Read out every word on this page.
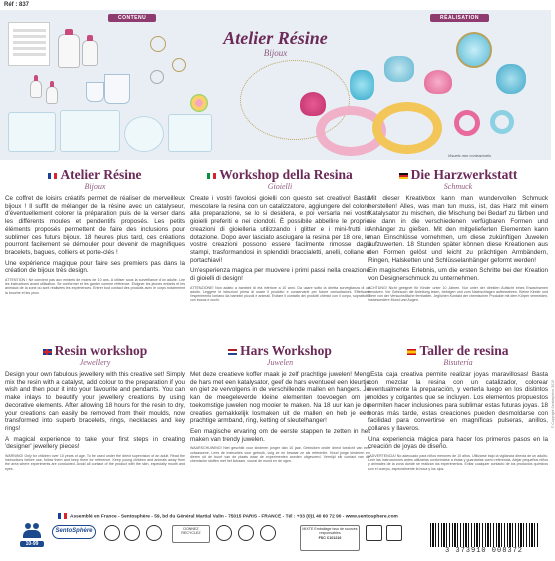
Réf : 837
CONTENU	RÉALISATION
Atelier Résine
Bijoux
Visuels non contractuels
Atelier Résine
Bijoux

Ce coffret de loisirs créatifs permet de réaliser de merveilleux bijoux ! Il suffit de mélanger de la résine avec un catalyseur, d'éventuellement colorer la préparation puis de la verser dans les différents moules et pendentifs proposés. Les petits éléments proposés permettent de faire des inclusions pour sublimer ces futurs bijoux. 18 heures plus tard, ces créations pourront facilement se démouler pour devenir de magnifiques bracelets, bagues, colliers et porte-clés !

Une expérience magique pour faire ses premiers pas dans la création de bijoux très design.

ATTENTION ! Ne convient pas aux enfants de moins de 10 ans. A utiliser sous la surveillance d'un adulte. Lire les instructions avant utilisation. Se conformer et les garder comme référence. Eloigner les jeunes enfants et les animaux de la zone où sont réalisées les expériences. Entrer tout contact des produits avec le corps notamment la bouche et les yeux.
Workshop della Resina
Gioielli

Create i vostri favolosi gioielli con questo set creativo! Basta mescolare la resina con un catalizzatore, aggiungere del colore alla preparazione, se lo si desidera, e poi versarla nei vostri gioielli preferiti e nei ciondoli. È possibile abbellire le proprie creazioni di gioielleria utilizzando i glitter e i mini-frutti in dotazione. Dopo aver lasciato asciugare la resina per 18 ore, le vostre creazioni possono essere facilmente rimosse dagli stampi, trasformandosi in splendidi braccialetti, anelli, collane e portachiavi!

Un'esperienza magica per muovere i primi passi nella creazione di gioielli di design!

ATTENZIONE! Non adatto a bambini di età inferiore a 10 anni. Da usare sotto la diretta sorveglianza di un adulto. Leggere le istruzioni prima di usare il prodotto e conservarle per future consultazioni. Effettuare l'esperimento lontano da bambini piccoli e animali. Evitare il contatto dei prodotti chimici con il corpo, soprattutto con bocca e occhi.
Die Harzwerkstatt
Schmuck

Mit dieser Kreativbox kann man wundervollen Schmuck herstellen! Alles, was man tun muss, ist, das Harz mit einem Katalysator zu mischen, die Mischung bei Bedarf zu färben und sie dann in die verschiedenen verfügbaren Formen und Anhänger zu gießen. Mit den mitgelieferten Elementen kann man Einschlüsse vornehmen, um diese zukünftigen Juwelen aufzuwerten. 18 Stunden später können diese Kreationen aus den Formen gelöst und leicht zu prächtigen Armbändern, Ringen, Halsketten und Schlüsselanhänger geformt werden!

Ein magisches Erlebnis, um die ersten Schritte bei der Kreation von Designerschmuck zu unternehmen.

ACHTUNG! Nicht geeignet für Kinder unter 10 Jahren. Nur unter der direkten Aufsicht eines Erwachsenen benutzen. Vor Gebrauch die Anleitung lesen, befolgen und zum Nachschlagen aufbewahren. Kleine Kinder und Tiere von der Versuchsfläche fernhalten. Jeglichen Kontakt der chemischen Produkte mit dem Körper vermeiden, insbesondere Mund und Augen.
Resin workshop
Jewellery

Design your own fabulous jewellery with this creative set! Simply mix the resin with a catalyst, add colour to the preparation if you wish and then pour it into your favourite and pendants. You can make inlays to beautify your jewellery creations by using decorative elements. After allowing 18 hours for the resin to dry, your creations can easily be removed from their moulds, now transformed into superb bracelets, rings, necklaces and key rings!

A magical experience to take your first steps in creating 'designer' jewellery pieces!

WARNING! Only for children over 10 years of age. To be used under the direct supervision of an adult. Read the instructions before use, follow them and keep them for reference. Keep young children and animals away from the area where experiments are conducted. Avoid all contact of the product with the skin, especially mouth and eyes.
Hars Workshop
Juwelen

Met deze creatieve koffer maak je zelf prachtige juwelen! Meng de hars met een katalysator, geef de hars eventueel een kleurtje en giet ze vervolgens in de verschillende mallen en hangers. Je kan de meegeleverde kleine elementen toevoegen om je toekomstige juwelen nog mooier te maken. Na 18 uur kan je de creaties gemakkelijk losmaken uit de mallen en heb je een prachtige armband, ring, ketting of sleutelhanger!

Een magische ervaring om de eerste stappen te zetten in het maken van trendy juwelen.

WAARSCHUWING! Niet geschikt voor kinderen jonger dan 10 jaar. Gebruiken onder direct toezicht van een volwassene. Lees de instructies voor gebruik, volg ze en bewaar ze als referentie. Houd jonge kinderen en dieren uit de buurt van de plaats waar de experimenten worden uitgevoerd. Vermijd elk contact van de chemische stoffen met het lichaam, vooral de mond en de ogen.
Taller de resina
Bisutería

¡Esta caja creativa permite realizar joyas maravillosas! Basta con mezclar la resina con un catalizador, colorear eventualmente la preparación, y verterla luego en los distintos moldes y colgantes que se incluyen. Los elementos propuestos permiten hacer inclusiones para sublimar estas futuras joyas. 18 horas más tarde, estas creaciones pueden desmoldarse con facilidad para convertirse en magníficas pulseras, anillos, collares y llaveros.

Una experiencia mágica para hacer los primeros pasos en la creación de joyas de diseño.

¡ADVERTENCIA! No adecuado para niños menores de 10 años. Utilizarse bajo la vigilancia directa de un adulto. Leer las instrucciones antes utilizarlas conformarse a éstas y guardarlas como referencia. Alejar pequeños niños y animales de la zona donde se realizan los experimentos. Evitar cualquier contacto de los productos químicos con el cuerpo, especialmente la boca y los ojos.
© Copyright Sentosphère 2019
Assemblé en France - Sentosphère - 59, bd du Général Martial Valin - 75015 PARIS - FRANCE - Tél : +33 (0)1 40 60 72 90 - www.sentosphere.com
10-99
SentoSphère	DONNEZ RECYCLEZ
MIXTE Emballage Issu de sources responsables
FSC C101216
3 373910 008372
